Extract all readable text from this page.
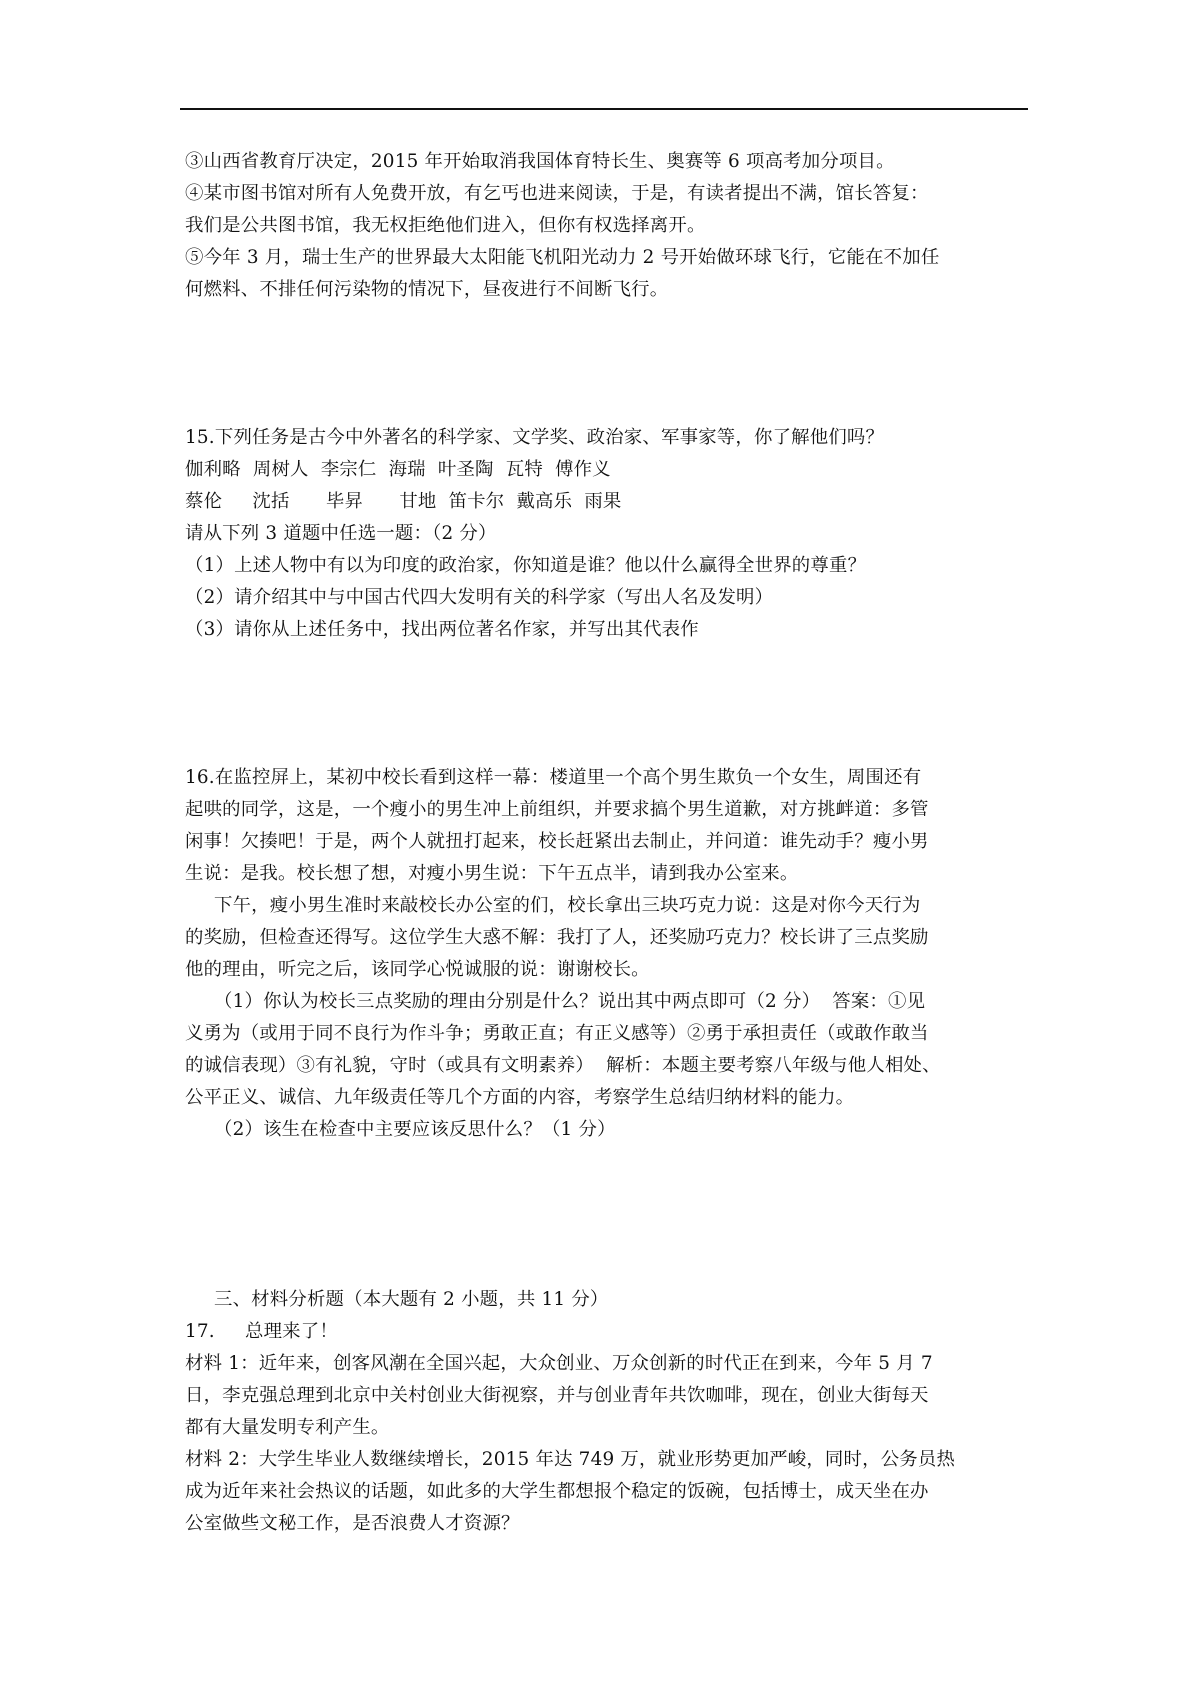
③山西省教育厅决定，2015 年开始取消我国体育特长生、奥赛等 6 项高考加分项目。
④某市图书馆对所有人免费开放，有乞丐也进来阅读，于是，有读者提出不满，馆长答复：
我们是公共图书馆，我无权拒绝他们进入，但你有权选择离开。
⑤今年 3 月，瑞士生产的世界最大太阳能飞机阳光动力 2 号开始做环球飞行，它能在不加任
何燃料、不排任何污染物的情况下，昼夜进行不间断飞行。
15.下列任务是古今中外著名的科学家、文学奖、政治家、军事家等，你了解他们吗？
伽利略  周树人  李宗仁  海瑞  叶圣陶  瓦特  傅作义
蔡伦     沈括      毕昇      甘地  笛卡尔  戴高乐  雨果
请从下列 3 道题中任选一题：（2 分）
（1）上述人物中有以为印度的政治家，你知道是谁？他以什么赢得全世界的尊重？
（2）请介绍其中与中国古代四大发明有关的科学家（写出人名及发明）
（3）请你从上述任务中，找出两位著名作家，并写出其代表作
16.在监控屏上，某初中校长看到这样一幕：楼道里一个高个男生欺负一个女生，周围还有
起哄的同学，这是，一个瘦小的男生冲上前组织，并要求搞个男生道歉，对方挑衅道：多管
闲事！欠揍吧！于是，两个人就扭打起来，校长赶紧出去制止，并问道：谁先动手？瘦小男
生说：是我。校长想了想，对瘦小男生说：下午五点半，请到我办公室来。
下午，瘦小男生准时来敲校长办公室的们，校长拿出三块巧克力说：这是对你今天行为
的奖励，但检查还得写。这位学生大惑不解：我打了人，还奖励巧克力？校长讲了三点奖励
他的理由，听完之后，该同学心悦诚服的说：谢谢校长。
（1）你认为校长三点奖励的理由分别是什么？说出其中两点即可（2 分）  答案：①见
义勇为（或用于同不良行为作斗争；勇敢正直；有正义感等）②勇于承担责任（或敢作敢当
的诚信表现）③有礼貌，守时（或具有文明素养）  解析：本题主要考察八年级与他人相处、
公平正义、诚信、九年级责任等几个方面的内容，考察学生总结归纳材料的能力。
（2）该生在检查中主要应该反思什么？（1 分）
三、材料分析题（本大题有 2 小题，共 11 分）
17. 总理来了！
材料 1：近年来，创客风潮在全国兴起，大众创业、万众创新的时代正在到来，今年 5 月 7
日，李克强总理到北京中关村创业大街视察，并与创业青年共饮咖啡，现在，创业大街每天
都有大量发明专利产生。
材料 2：大学生毕业人数继续增长，2015 年达 749 万，就业形势更加严峻，同时，公务员热
成为近年来社会热议的话题，如此多的大学生都想报个稳定的饭碗，包括博士，成天坐在办
公室做些文秘工作，是否浪费人才资源？
